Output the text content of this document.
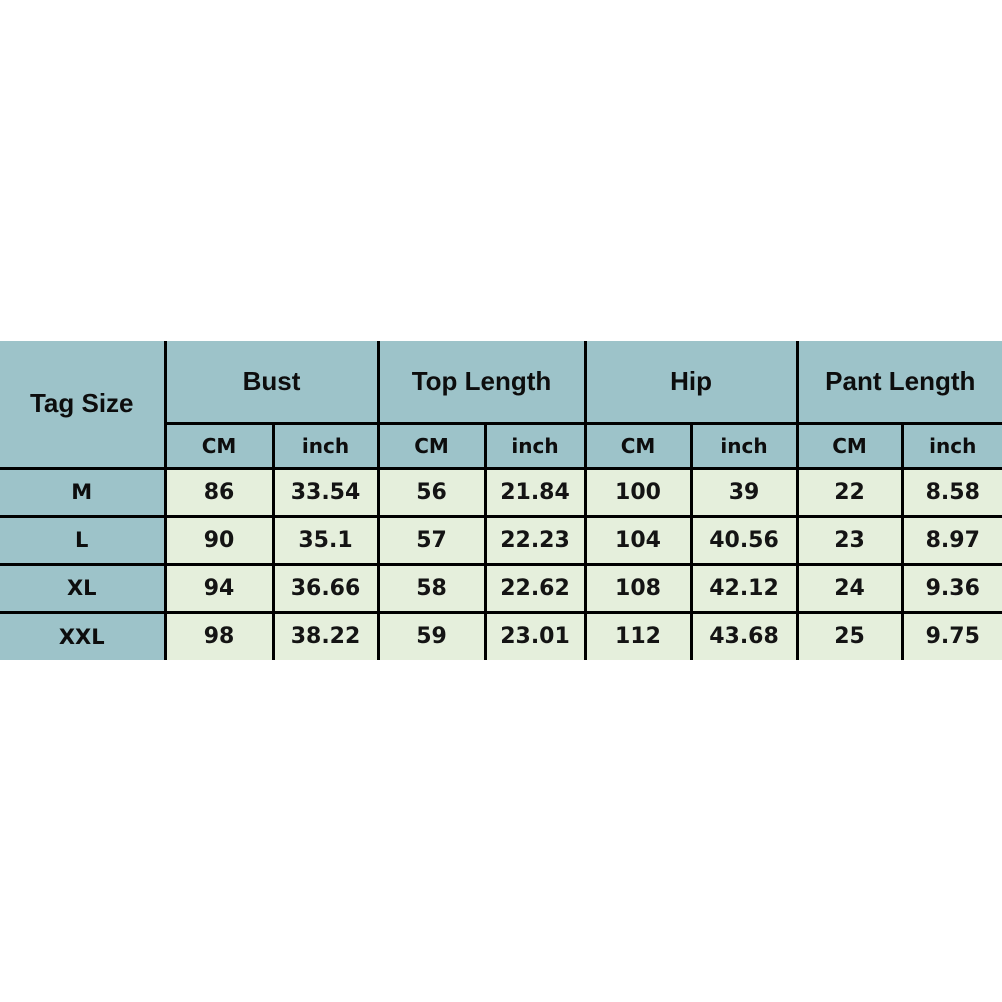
Tag Size	Bust		Top Length		Hip		Pant Length	
	CM	inch	CM	inch	CM	inch	CM	inch
M	86	33.54	56	21.84	100	39	22	8.58
L	90	35.1	57	22.23	104	40.56	23	8.97
XL	94	36.66	58	22.62	108	42.12	24	9.36
XXL	98	38.22	59	23.01	112	43.68	25	9.75
